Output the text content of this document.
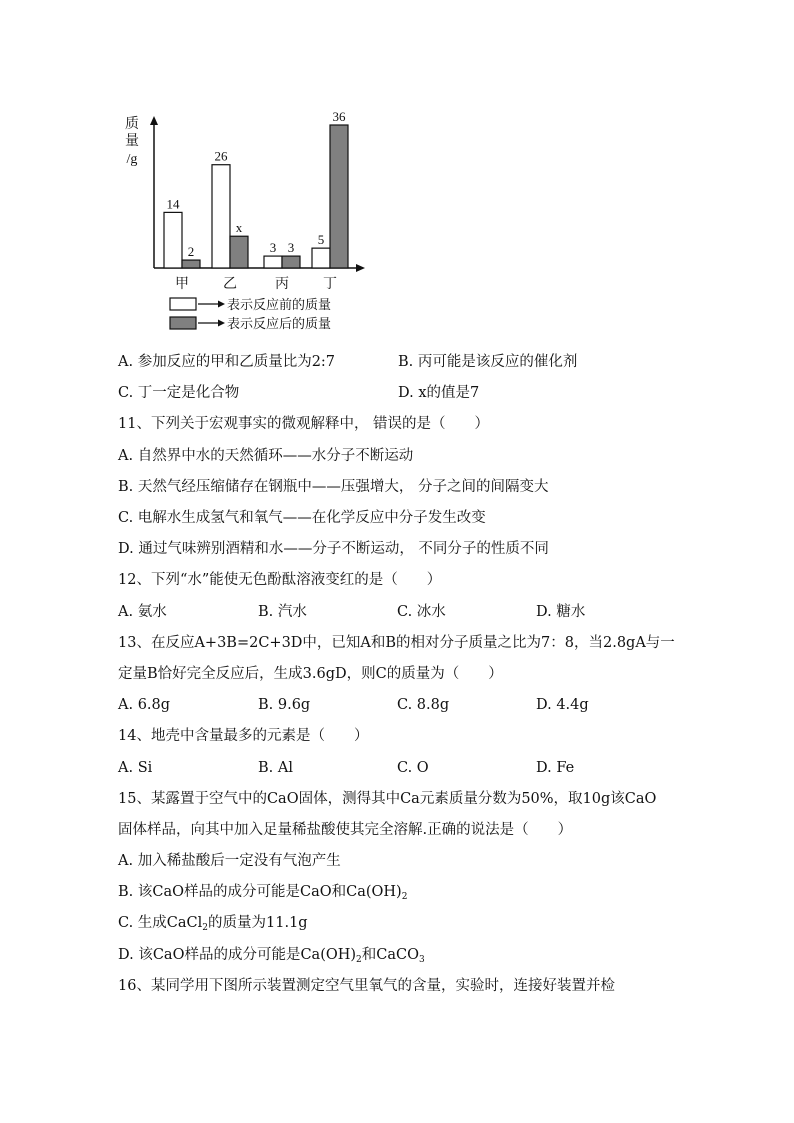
质
量
/g
14
2
甲
26
x
乙
3 3
丙
5
36
丁
表示反应前的质量
表示反应后的质量
A. 参加反应的甲和乙质量比为2:7	B. 丙可能是该反应的催化剂
C. 丁一定是化合物	D. x的值是7
11、下列关于宏观事实的微观解释中， 错误的是（　　）
A. 自然界中水的天然循环——水分子不断运动
B. 天然气经压缩储存在钢瓶中——压强增大， 分子之间的间隔变大
C. 电解水生成氢气和氧气——在化学反应中分子发生改变
D. 通过气味辨别酒精和水——分子不断运动， 不同分子的性质不同
12、下列“水”能使无色酚酞溶液变红的是（　　）
A. 氨水	B. 汽水	C. 冰水	D. 糖水
13、在反应A+3B=2C+3D中，已知A和B的相对分子质量之比为7：8，当2.8gA与一
定量B恰好完全反应后，生成3.6gD，则C的质量为（　　）
A. 6.8g	B. 9.6g	C. 8.8g	D. 4.4g
14、地壳中含量最多的元素是（　　）
A. Si	B. Al	C. O	D. Fe
15、某露置于空气中的CaO固体，测得其中Ca元素质量分数为50%，取10g该CaO
固体样品，向其中加入足量稀盐酸使其完全溶解.正确的说法是（　　）
A. 加入稀盐酸后一定没有气泡产生
B. 该CaO样品的成分可能是CaO和$Ca(OH)_2$
C. 生成CaCl$_2$的质量为11.1g
D. 该CaO样品的成分可能是$Ca(OH)_2$和CaCO$_3$
16、某同学用下图所示装置测定空气里氧气的含量，实验时，连接好装置并检
